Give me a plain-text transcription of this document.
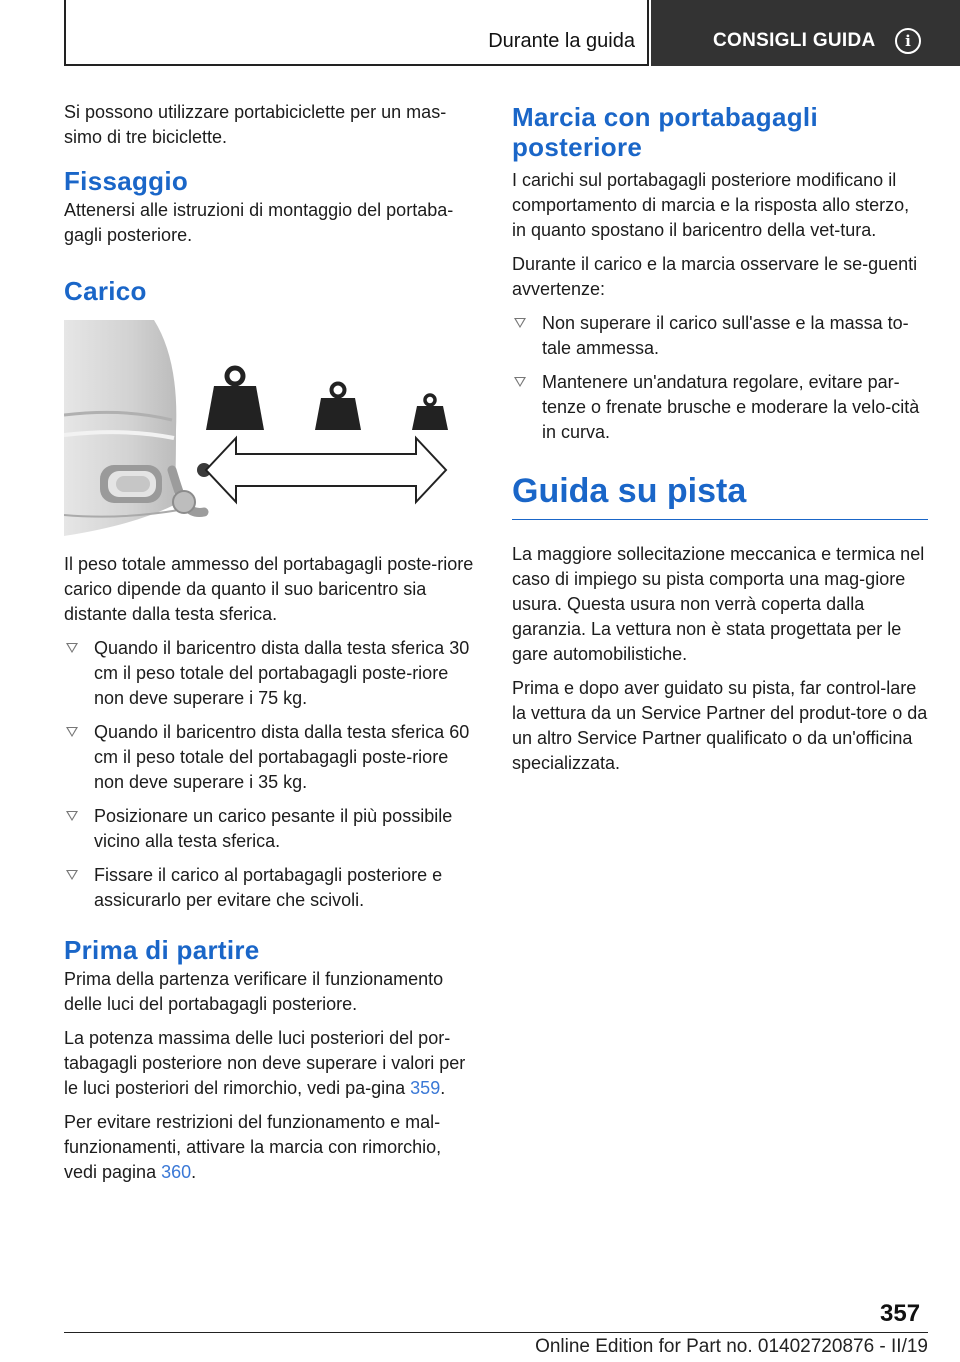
Durante la guida	CONSIGLI GUIDA	i

Si possono utilizzare portabiciclette per un mas-simo di tre biciclette.

Fissaggio

Attenersi alle istruzioni di montaggio del portaba-gagli posteriore.

Carico

Il peso totale ammesso del portabagagli poste-riore carico dipende da quanto il suo baricentro sia distante dalla testa sferica.

Quando il baricentro dista dalla testa sferica 30 cm il peso totale del portabagagli poste-riore non deve superare i 75 kg.
Quando il baricentro dista dalla testa sferica 60 cm il peso totale del portabagagli poste-riore non deve superare i 35 kg.
Posizionare un carico pesante il più possibile vicino alla testa sferica.
Fissare il carico al portabagagli posteriore e assicurarlo per evitare che scivoli.
Prima di partire

Prima della partenza verificare il funzionamento delle luci del portabagagli posteriore.

La potenza massima delle luci posteriori del por-tabagagli posteriore non deve superare i valori per le luci posteriori del rimorchio, vedi pa-gina 359.

Per evitare restrizioni del funzionamento e mal-funzionamenti, attivare la marcia con rimorchio, vedi pagina 360.

Marcia con portabagagli posteriore

I carichi sul portabagagli posteriore modificano il comportamento di marcia e la risposta allo sterzo, in quanto spostano il baricentro della vet-tura.

Durante il carico e la marcia osservare le se-guenti avvertenze:

Non superare il carico sull'asse e la massa to-tale ammessa.
Mantenere un'andatura regolare, evitare par-tenze o frenate brusche e moderare la velo-cità in curva.
Guida su pista

La maggiore sollecitazione meccanica e termica nel caso di impiego su pista comporta una mag-giore usura. Questa usura non verrà coperta dalla garanzia. La vettura non è stata progettata per le gare automobilistiche.

Prima e dopo aver guidato su pista, far control-lare la vettura da un Service Partner del produt-tore o da un altro Service Partner qualificato o da un'officina specializzata.

357
Online Edition for Part no. 01402720876 - II/19
